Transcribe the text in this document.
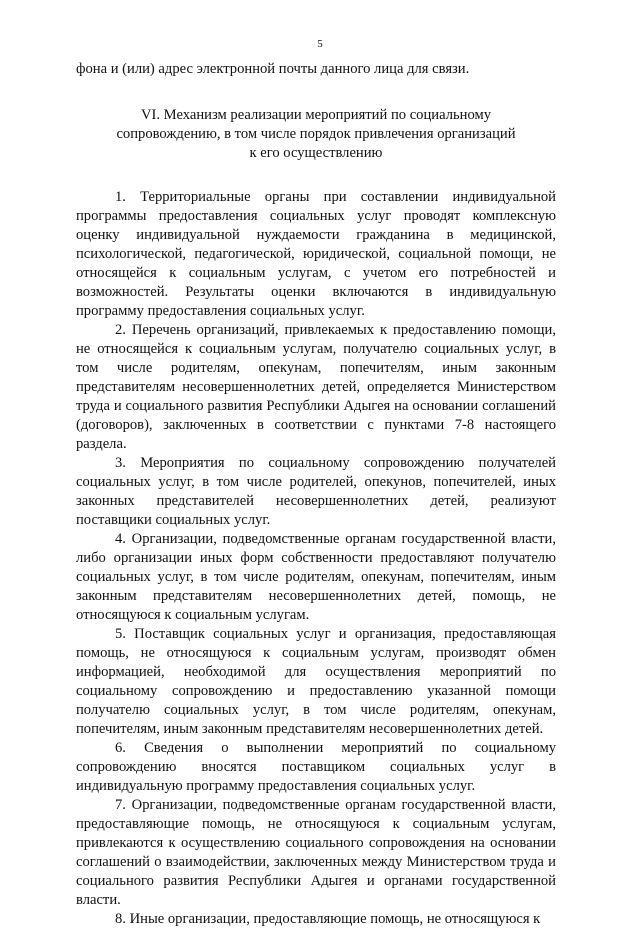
5

фона и (или) адрес электронной почты данного лица для связи.

VI. Механизм реализации мероприятий по социальному
сопровождению, в том числе порядок привлечения организаций
к его осуществлению

1. Территориальные органы при составлении индивидуальной программы предоставления социальных услуг проводят комплексную оценку индивидуальной нуждаемости гражданина в медицинской, психологической, педагогической, юридической, социальной помощи, не относящейся к социальным услугам, с учетом его потребностей и возможностей. Результаты оценки включаются в индивидуальную программу предоставления социальных услуг.

2. Перечень организаций, привлекаемых к предоставлению помощи, не относящейся к социальным услугам, получателю социальных услуг, в том числе родителям, опекунам, попечителям, иным законным представителям несовершеннолетних детей, определяется Министерством труда и социального развития Республики Адыгея на основании соглашений (договоров), заключенных в соответствии с пунктами 7-8 настоящего раздела.

3. Мероприятия по социальному сопровождению получателей социальных услуг, в том числе родителей, опекунов, попечителей, иных законных представителей несовершеннолетних детей, реализуют поставщики социальных услуг.

4. Организации, подведомственные органам государственной власти, либо организации иных форм собственности предоставляют получателю социальных услуг, в том числе родителям, опекунам, попечителям, иным законным представителям несовершеннолетних детей, помощь, не относящуюся к социальным услугам.

5. Поставщик социальных услуг и организация, предоставляющая помощь, не относящуюся к социальным услугам, производят обмен информацией, необходимой для осуществления мероприятий по социальному сопровождению и предоставлению указанной помощи получателю социальных услуг, в том числе родителям, опекунам, попечителям, иным законным представителям несовершеннолетних детей.

6. Сведения о выполнении мероприятий по социальному сопровождению вносятся поставщиком социальных услуг в индивидуальную программу предоставления социальных услуг.

7. Организации, подведомственные органам государственной власти, предоставляющие помощь, не относящуюся к социальным услугам, привлекаются к осуществлению социального сопровождения на основании соглашений о взаимодействии, заключенных между Министерством труда и социального развития Республики Адыгея и органами государственной власти.

8. Иные организации, предоставляющие помощь, не относящуюся к
